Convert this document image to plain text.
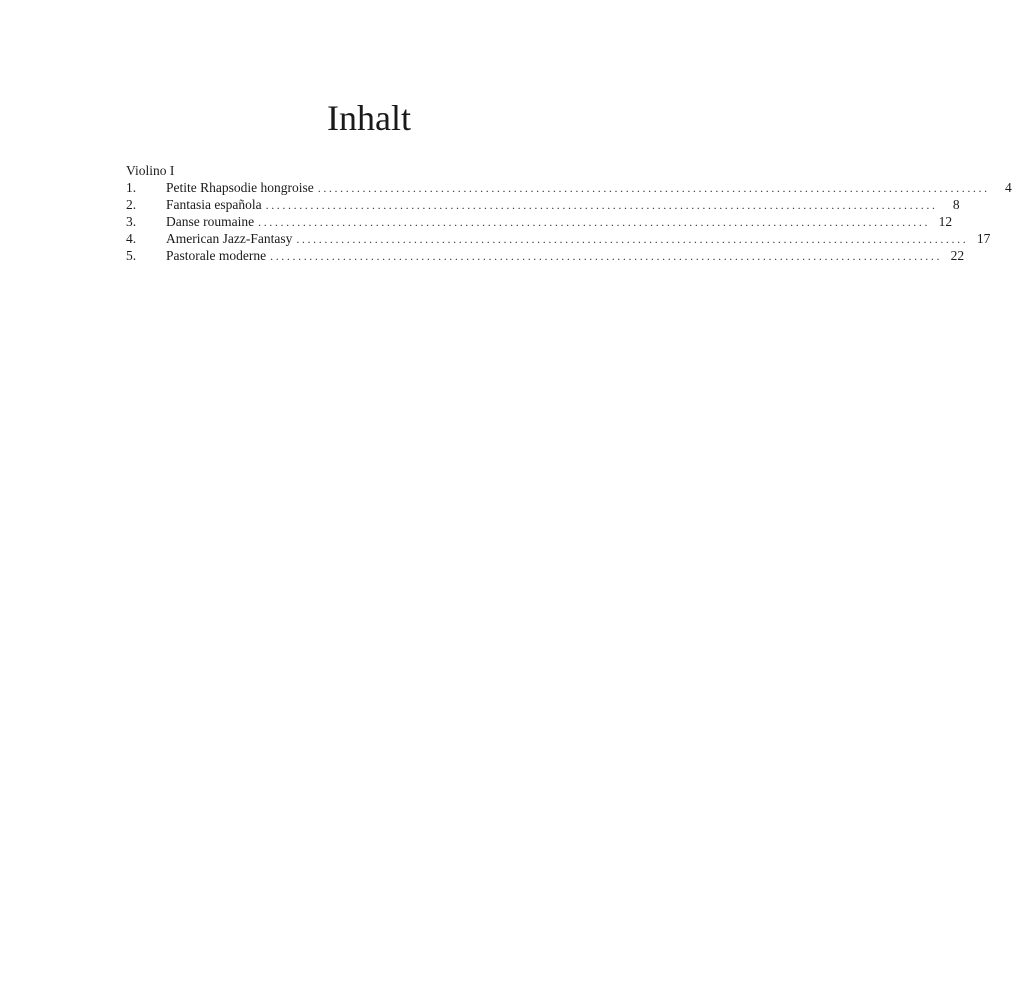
Inhalt
Violino I
1.	Petite Rhapsodie hongroise ........................................................................................................................	4
2.	Fantasia española ........................................................................................................................	8
3.	Danse roumaine ........................................................................................................................ 12
4.	American Jazz-Fantasy ........................................................................................................................ 17
5.	Pastorale moderne ........................................................................................................................ 22
